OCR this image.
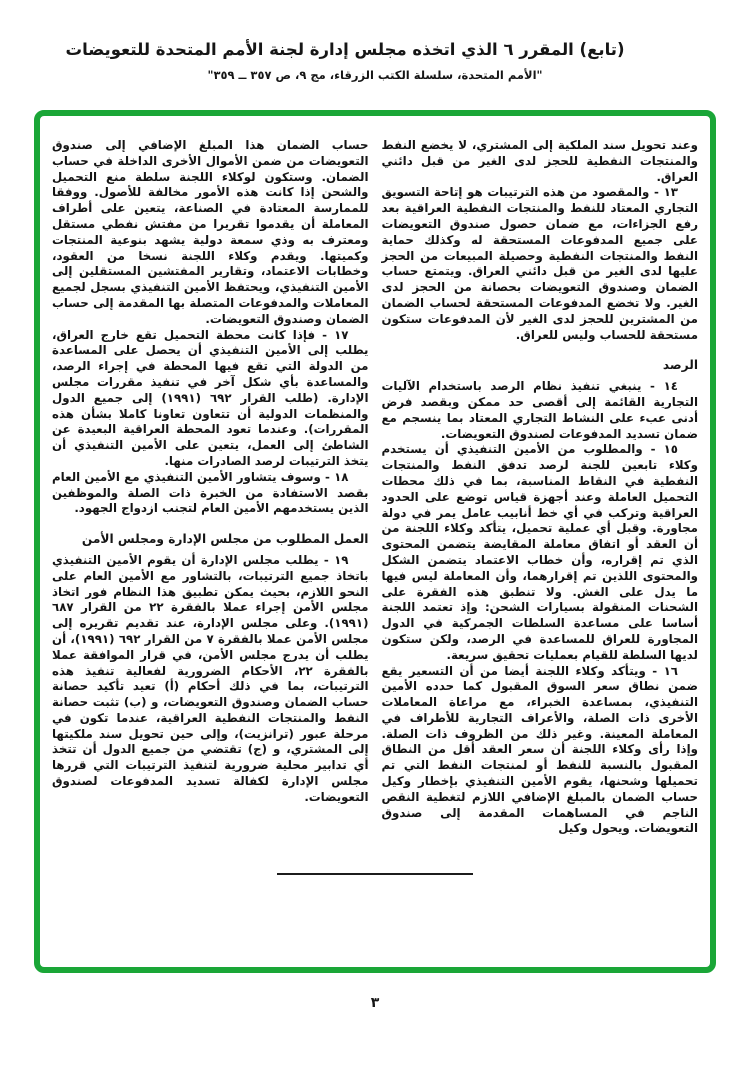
(تابع) المقرر ٦ الذي اتخذه مجلس إدارة لجنة الأمم المتحدة للتعويضات
"الأمم المتحدة، سلسلة الكتب الزرقاء، مج ٩، ص ٣٥٧ ــ ٣٥٩"
وعند تحويل سند الملكية إلى المشتري، لا يخضع النفط والمنتجات النفطية للحجز لدى الغير من قبل دائني العراق.
١٣ - والمقصود من هذه الترتيبات هو إتاحة التسويق التجاري المعتاد للنفط والمنتجات النفطية العراقية بعد رفع الجزاءات، مع ضمان حصول صندوق التعويضات على جميع المدفوعات المستحقة له وكذلك حماية النفط والمنتجات النفطية وحصيلة المبيعات من الحجز عليها لدى الغير من قبل دائني العراق. ويتمتع حساب الضمان وصندوق التعويضات بحصانة من الحجز لدى الغير. ولا تخضع المدفوعات المستحقة لحساب الضمان من المشترين للحجز لدى الغير لأن المدفوعات ستكون مستحقة للحساب وليس للعراق.
الرصد
١٤ - ينبغي تنفيذ نظام الرصد باستخدام الآليات التجارية القائمة إلى أقصى حد ممكن وبقصد فرض أدنى عبء على النشاط التجاري المعتاد بما ينسجم مع ضمان تسديد المدفوعات لصندوق التعويضات.
١٥ - والمطلوب من الأمين التنفيذي أن يستخدم وكلاء تابعين للجنة لرصد تدفق النفط والمنتجات النفطية في النقاط المناسبة، بما في ذلك محطات التحميل العاملة وعند أجهزة قياس توضع على الحدود العراقية وتركب في أي خط أنابيب عامل يمر في دولة مجاورة. وقبل أي عملية تحميل، يتأكد وكلاء اللجنة من أن العقد أو اتفاق معاملة المقايضة يتضمن المحتوى الذي تم إقراره، وأن خطاب الاعتماد يتضمن الشكل والمحتوى اللذين تم إقرارهما، وأن المعاملة ليس فيها ما يدل على الغش. ولا تنطبق هذه الفقرة على الشحنات المنقولة بسيارات الشحن: وإذ تعتمد اللجنة أساسا على مساعدة السلطات الجمركية في الدول المجاورة للعراق للمساعدة في الرصد، ولكن ستكون لديها السلطة للقيام بعمليات تحقيق سريعة.
١٦ - ويتأكد وكلاء اللجنة أيضا من أن التسعير يقع ضمن نطاق سعر السوق المقبول كما حدده الأمين التنفيذي، بمساعدة الخبراء، مع مراعاة المعاملات الأخرى ذات الصلة، والأعراف التجارية للأطراف في المعاملة المعينة. وغير ذلك من الظروف ذات الصلة. وإذا رأى وكلاء اللجنة أن سعر العقد أقل من النطاق المقبول بالنسبة للنفط أو لمنتجات النفط التي تم تحميلها وشحنها، يقوم الأمين التنفيذي بإخطار وكيل حساب الضمان بالمبلغ الإضافي اللازم لتغطية النقص الناجم في المساهمات المقدمة إلى صندوق التعويضات. ويحول وكيل
حساب الضمان هذا المبلغ الإضافي إلى صندوق التعويضات من ضمن الأموال الأخرى الداخلة في حساب الضمان. وستكون لوكلاء اللجنة سلطة منع التحميل والشحن إذا كانت هذه الأمور مخالفة للأصول. ووفقا للممارسة المعتادة في الصناعة، يتعين على أطراف المعاملة أن يقدموا تقريرا من مفتش نفطي مستقل ومعترف به وذي سمعة دولية يشهد بنوعية المنتجات وكميتها. ويقدم وكلاء اللجنة نسخا من العقود، وخطابات الاعتماد، وتقارير المفتشين المستقلين إلى الأمين التنفيذي، ويحتفظ الأمين التنفيذي بسجل لجميع المعاملات والمدفوعات المتصلة بها المقدمة إلى حساب الضمان وصندوق التعويضات.
١٧ - فإذا كانت محطة التحميل تقع خارج العراق، يطلب إلى الأمين التنفيذي أن يحصل على المساعدة من الدولة التي تقع فيها المحطة في إجراء الرصد، والمساعدة بأي شكل آخر في تنفيذ مقررات مجلس الإدارة. (طلب القرار ٦٩٢ (١٩٩١) إلى جميع الدول والمنظمات الدولية أن تتعاون تعاونا كاملا بشأن هذه المقررات). وعندما تعود المحطة العراقية البعيدة عن الشاطئ إلى العمل، يتعين على الأمين التنفيذي أن يتخذ الترتيبات لرصد الصادرات منها.
١٨ - وسوف يتشاور الأمين التنفيذي مع الأمين العام بقصد الاستفادة من الخبرة ذات الصلة والموظفين الذين يستخدمهم الأمين العام لتجنب ازدواج الجهود.
العمل المطلوب من مجلس الإدارة ومجلس الأمن
١٩ - يطلب مجلس الإدارة أن يقوم الأمين التنفيذي باتخاذ جميع الترتيبات، بالتشاور مع الأمين العام على النحو اللازم، بحيث يمكن تطبيق هذا النظام فور اتخاذ مجلس الأمن إجراء عملا بالفقرة ٢٢ من القرار ٦٨٧ (١٩٩١). وعلى مجلس الإدارة، عند تقديم تقريره إلى مجلس الأمن عملا بالفقرة ٧ من القرار ٦٩٢ (١٩٩١)، أن يطلب أن يدرج مجلس الأمن، في قرار الموافقة عملا بالفقرة ٢٢، الأحكام الضرورية لفعالية تنفيذ هذه الترتيبات، بما في ذلك أحكام (أ) تعيد تأكيد حصانة حساب الضمان وصندوق التعويضات، و (ب) تثبت حصانة النفط والمنتجات النفطية العراقية، عندما تكون في مرحلة عبور (ترانزيت)، وإلى حين تحويل سند ملكيتها إلى المشتري، و (ج) تقتضي من جميع الدول أن تتخذ أي تدابير محلية ضرورية لتنفيذ الترتيبات التي قررها مجلس الإدارة لكفالة تسديد المدفوعات لصندوق التعويضات.
٣
